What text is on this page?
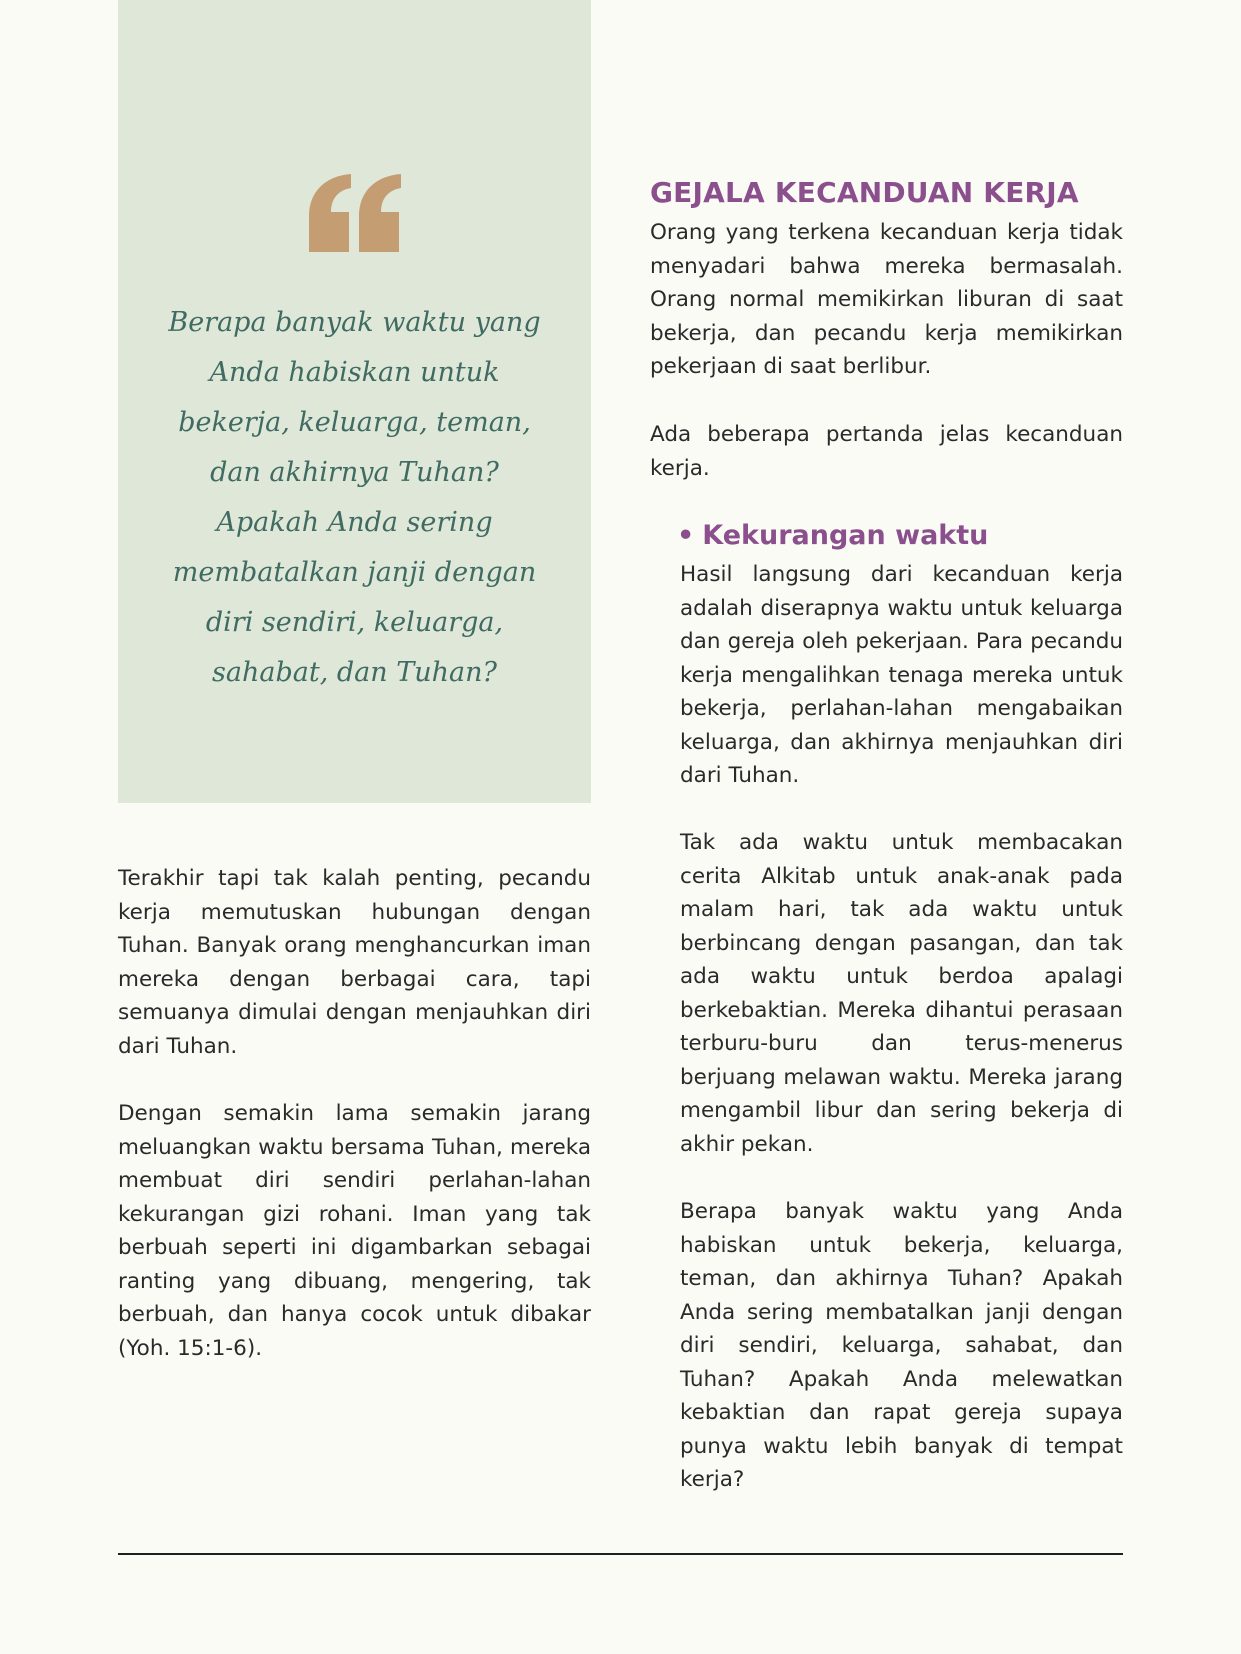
Berapa banyak waktu yang Anda habiskan untuk bekerja, keluarga, teman, dan akhirnya Tuhan? Apakah Anda sering membatalkan janji dengan diri sendiri, keluarga, sahabat, dan Tuhan?

Terakhir tapi tak kalah penting, pecandu kerja memutuskan hubungan dengan Tuhan. Banyak orang menghancurkan iman mereka dengan berbagai cara, tapi semuanya dimulai dengan menjauhkan diri dari Tuhan.

Dengan semakin lama semakin jarang meluangkan waktu bersama Tuhan, mereka membuat diri sendiri perlahan-lahan kekurangan gizi rohani. Iman yang tak berbuah seperti ini digambarkan sebagai ranting yang dibuang, mengering, tak berbuah, dan hanya cocok untuk dibakar (Yoh. 15:1-6).

GEJALA KECANDUAN KERJA

Orang yang terkena kecanduan kerja tidak menyadari bahwa mereka bermasalah. Orang normal memikirkan liburan di saat bekerja, dan pecandu kerja memikirkan pekerjaan di saat berlibur.

Ada beberapa pertanda jelas kecanduan kerja.

• Kekurangan waktu

Hasil langsung dari kecanduan kerja adalah diserapnya waktu untuk keluarga dan gereja oleh pekerjaan. Para pecandu kerja mengalihkan tenaga mereka untuk bekerja, perlahan-lahan mengabaikan keluarga, dan akhirnya menjauhkan diri dari Tuhan.

Tak ada waktu untuk membacakan cerita Alkitab untuk anak-anak pada malam hari, tak ada waktu untuk berbincang dengan pasangan, dan tak ada waktu untuk berdoa apalagi berkebaktian. Mereka dihantui perasaan terburu-buru dan terus-menerus berjuang melawan waktu. Mereka jarang mengambil libur dan sering bekerja di akhir pekan.

Berapa banyak waktu yang Anda habiskan untuk bekerja, keluarga, teman, dan akhirnya Tuhan? Apakah Anda sering membatalkan janji dengan diri sendiri, keluarga, sahabat, dan Tuhan? Apakah Anda melewatkan kebaktian dan rapat gereja supaya punya waktu lebih banyak di tempat kerja?
